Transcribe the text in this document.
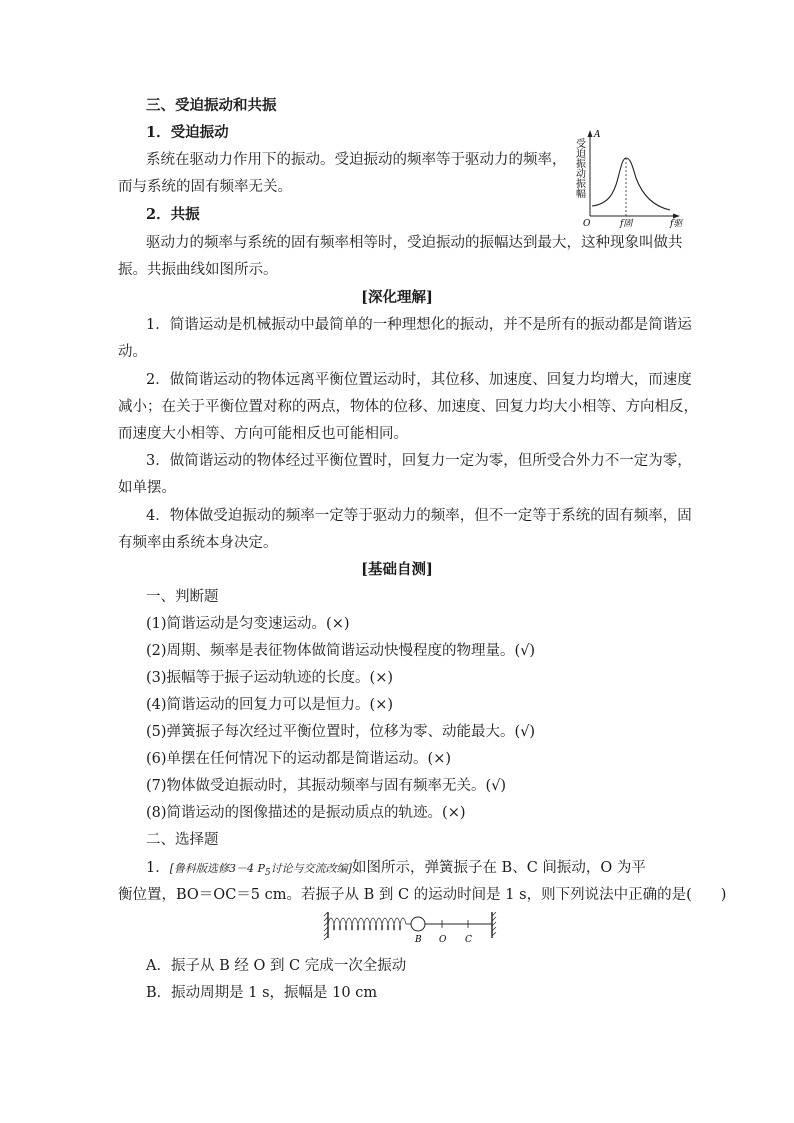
三、受迫振动和共振
1．受迫振动
系统在驱动力作用下的振动。受迫振动的频率等于驱动力的频率，
而与系统的固有频率无关。
2．共振
驱动力的频率与系统的固有频率相等时，受迫振动的振幅达到最大，这种现象叫做共
振。共振曲线如图所示。
受迫振动振幅
A
O	f固	f驱
[深化理解]
1．简谐运动是机械振动中最简单的一种理想化的振动，并不是所有的振动都是简谐运
动。
2．做简谐运动的物体远离平衡位置运动时，其位移、加速度、回复力均增大，而速度
减小；在关于平衡位置对称的两点，物体的位移、加速度、回复力均大小相等、方向相反，
而速度大小相等、方向可能相反也可能相同。
3．做简谐运动的物体经过平衡位置时，回复力一定为零，但所受合外力不一定为零，
如单摆。
4．物体做受迫振动的频率一定等于驱动力的频率，但不一定等于系统的固有频率，固
有频率由系统本身决定。
[基础自测]
一、判断题
(1)简谐运动是匀变速运动。(×)
(2)周期、频率是表征物体做简谐运动快慢程度的物理量。(√)
(3)振幅等于振子运动轨迹的长度。(×)
(4)简谐运动的回复力可以是恒力。(×)
(5)弹簧振子每次经过平衡位置时，位移为零、动能最大。(√)
(6)单摆在任何情况下的运动都是简谐运动。(×)
(7)物体做受迫振动时，其振动频率与固有频率无关。(√)
(8)简谐运动的图像描述的是振动质点的轨迹。(×)
二、选择题
1．[鲁科版选修3－4 $P_5$讨论与交流改编]如图所示，弹簧振子在 B、C 间振动，O 为平
衡位置，BO＝OC＝5 cm。若振子从 B 到 C 的运动时间是 1 s，则下列说法中正确的是(　　)
B O C
A．振子从 B 经 O 到 C 完成一次全振动
B．振动周期是 1 s，振幅是 10 cm
